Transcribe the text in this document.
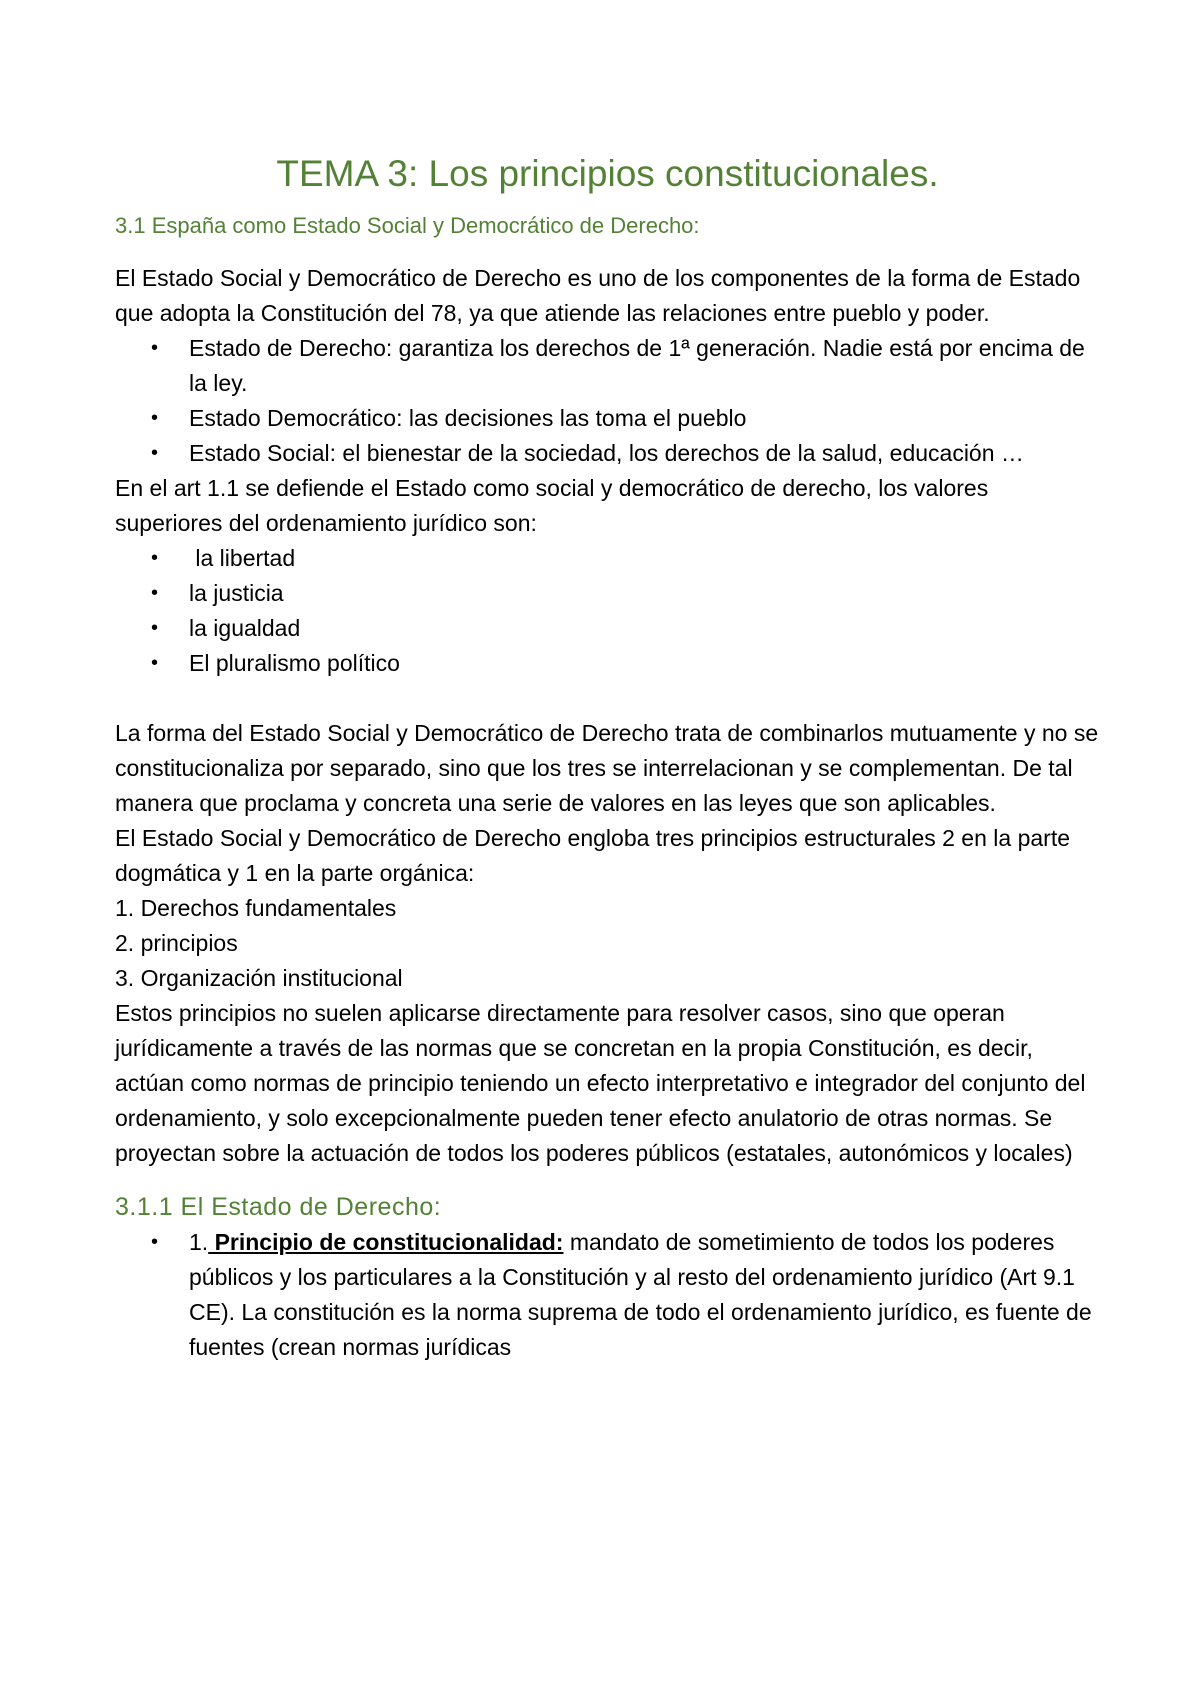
TEMA 3: Los principios constitucionales.
3.1 España como Estado Social y Democrático de Derecho:

El Estado Social y Democrático de Derecho es uno de los componentes de la forma de Estado que adopta la Constitución del 78, ya que atiende las relaciones entre pueblo y poder.

• Estado de Derecho: garantiza los derechos de 1ª generación. Nadie está por encima de la ley.
• Estado Democrático: las decisiones las toma el pueblo
• Estado Social: el bienestar de la sociedad, los derechos de la salud, educación …

En el art 1.1 se defiende el Estado como social y democrático de derecho, los valores superiores del ordenamiento jurídico son:

• la libertad
• la justicia
• la igualdad
• El pluralismo político

La forma del Estado Social y Democrático de Derecho trata de combinarlos mutuamente y no se constitucionaliza por separado, sino que los tres se interrelacionan y se complementan. De tal manera que proclama y concreta una serie de valores en las leyes que son aplicables.

El Estado Social y Democrático de Derecho engloba tres principios estructurales 2 en la parte dogmática y 1 en la parte orgánica:

1. Derechos fundamentales

2. principios

3. Organización institucional

Estos principios no suelen aplicarse directamente para resolver casos, sino que operan jurídicamente a través de las normas que se concretan en la propia Constitución, es decir, actúan como normas de principio teniendo un efecto interpretativo e integrador del conjunto del ordenamiento, y solo excepcionalmente pueden tener efecto anulatorio de otras normas. Se proyectan sobre la actuación de todos los poderes públicos (estatales, autonómicos y locales)

3.1.1 El Estado de Derecho:
• 1. Principio de constitucionalidad: mandato de sometimiento de todos los poderes públicos y los particulares a la Constitución y al resto del ordenamiento jurídico (Art 9.1 CE). La constitución es la norma suprema de todo el ordenamiento jurídico, es fuente de fuentes (crean normas jurídicas
